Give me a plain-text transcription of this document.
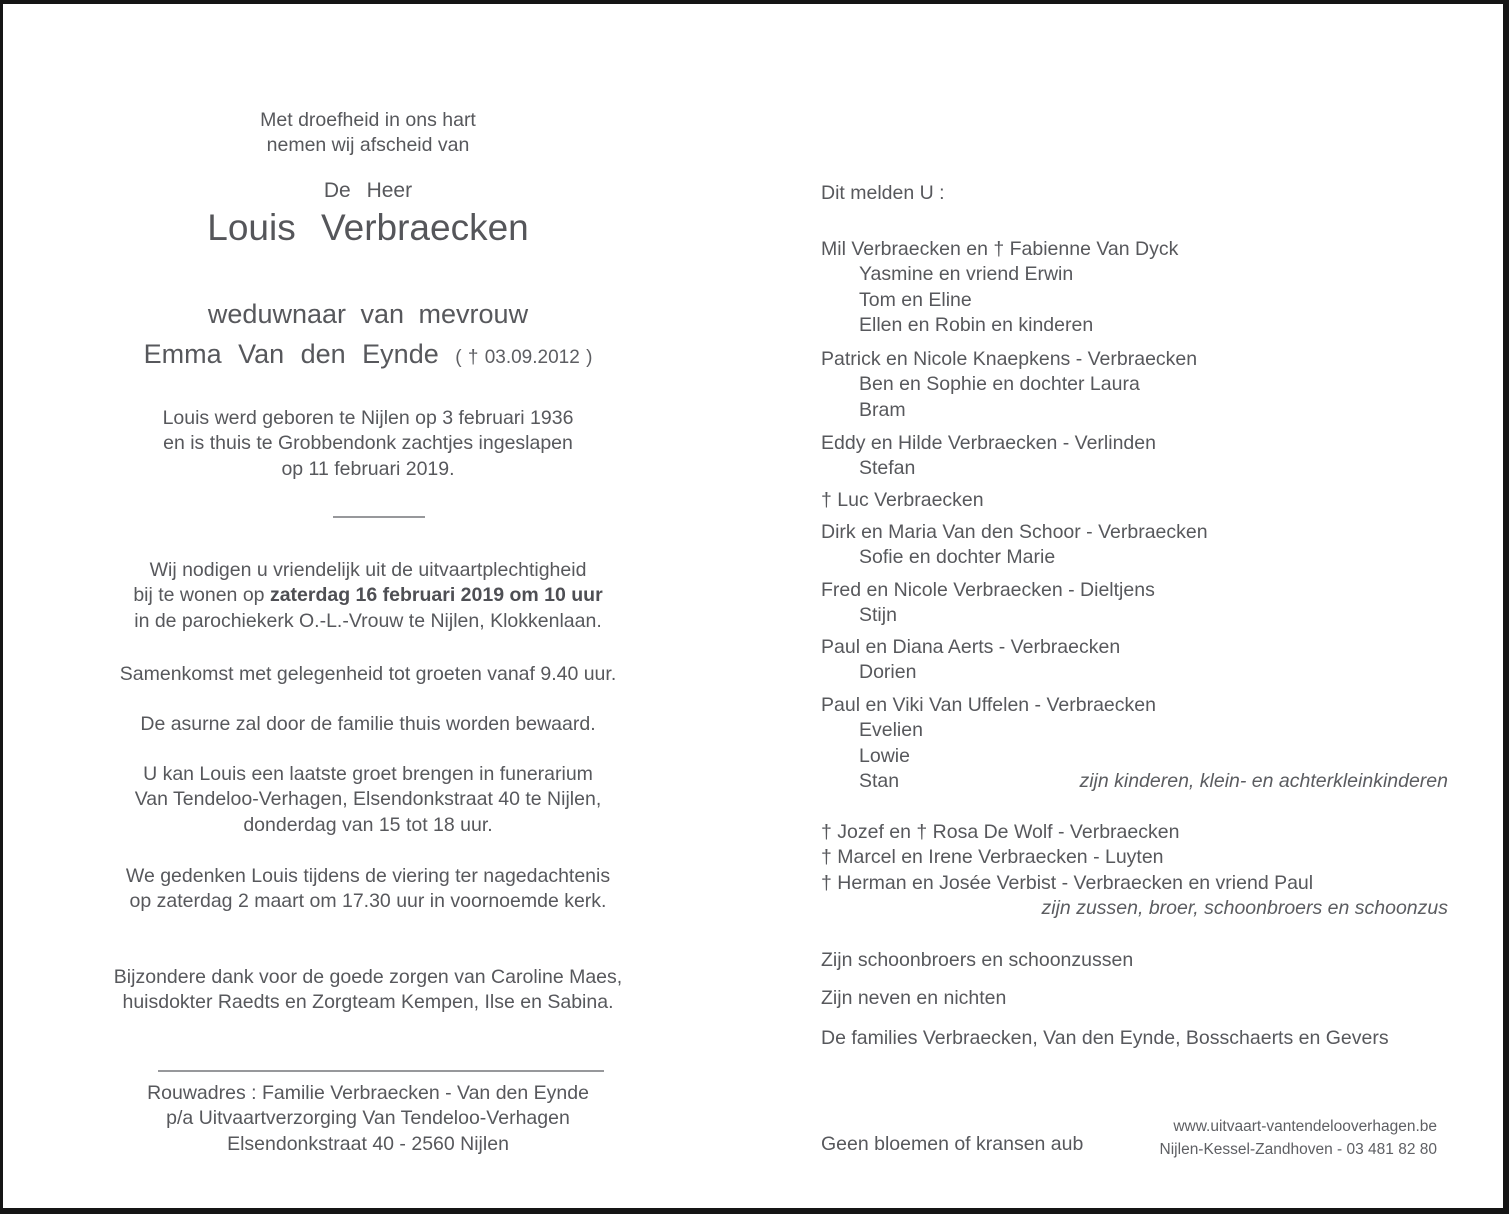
Met droefheid in ons hart
nemen wij afscheid van
De Heer
Louis Verbraecken
weduwnaar van mevrouw
Emma Van den Eynde ( † 03.09.2012 )
Louis werd geboren te Nijlen op 3 februari 1936
en is thuis te Grobbendonk zachtjes ingeslapen
op 11 februari 2019.
Wij nodigen u vriendelijk uit de uitvaartplechtigheid
bij te wonen op zaterdag 16 februari 2019 om 10 uur
in de parochiekerk O.-L.-Vrouw te Nijlen, Klokkenlaan.
Samenkomst met gelegenheid tot groeten vanaf 9.40 uur.
De asurne zal door de familie thuis worden bewaard.
U kan Louis een laatste groet brengen in funerarium
Van Tendeloo-Verhagen, Elsendonkstraat 40 te Nijlen,
donderdag van 15 tot 18 uur.
We gedenken Louis tijdens de viering ter nagedachtenis
op zaterdag 2 maart om 17.30 uur in voornoemde kerk.
Bijzondere dank voor de goede zorgen van Caroline Maes,
huisdokter Raedts en Zorgteam Kempen, Ilse en Sabina.
Rouwadres : Familie Verbraecken - Van den Eynde
p/a Uitvaartverzorging Van Tendeloo-Verhagen
Elsendonkstraat 40 - 2560 Nijlen
Dit melden U :
Mil Verbraecken en † Fabienne Van Dyck
Yasmine en vriend Erwin
Tom en Eline
Ellen en Robin en kinderen
Patrick en Nicole Knaepkens - Verbraecken
Ben en Sophie en dochter Laura
Bram
Eddy en Hilde Verbraecken - Verlinden
Stefan
† Luc Verbraecken
Dirk en Maria Van den Schoor - Verbraecken
Sofie en dochter Marie
Fred en Nicole Verbraecken - Dieltjens
Stijn
Paul en Diana Aerts - Verbraecken
Dorien
Paul en Viki Van Uffelen - Verbraecken
Evelien
Lowie
Stan	zijn kinderen, klein- en achterkleinkinderen
† Jozef en † Rosa De Wolf - Verbraecken
† Marcel en Irene Verbraecken - Luyten
† Herman en Josée Verbist - Verbraecken en vriend Paul
zijn zussen, broer, schoonbroers en schoonzus
Zijn schoonbroers en schoonzussen
Zijn neven en nichten
De families Verbraecken, Van den Eynde, Bosschaerts en Gevers
Geen bloemen of kransen aub
www.uitvaart-vantendelooverhagen.be
Nijlen-Kessel-Zandhoven - 03 481 82 80
